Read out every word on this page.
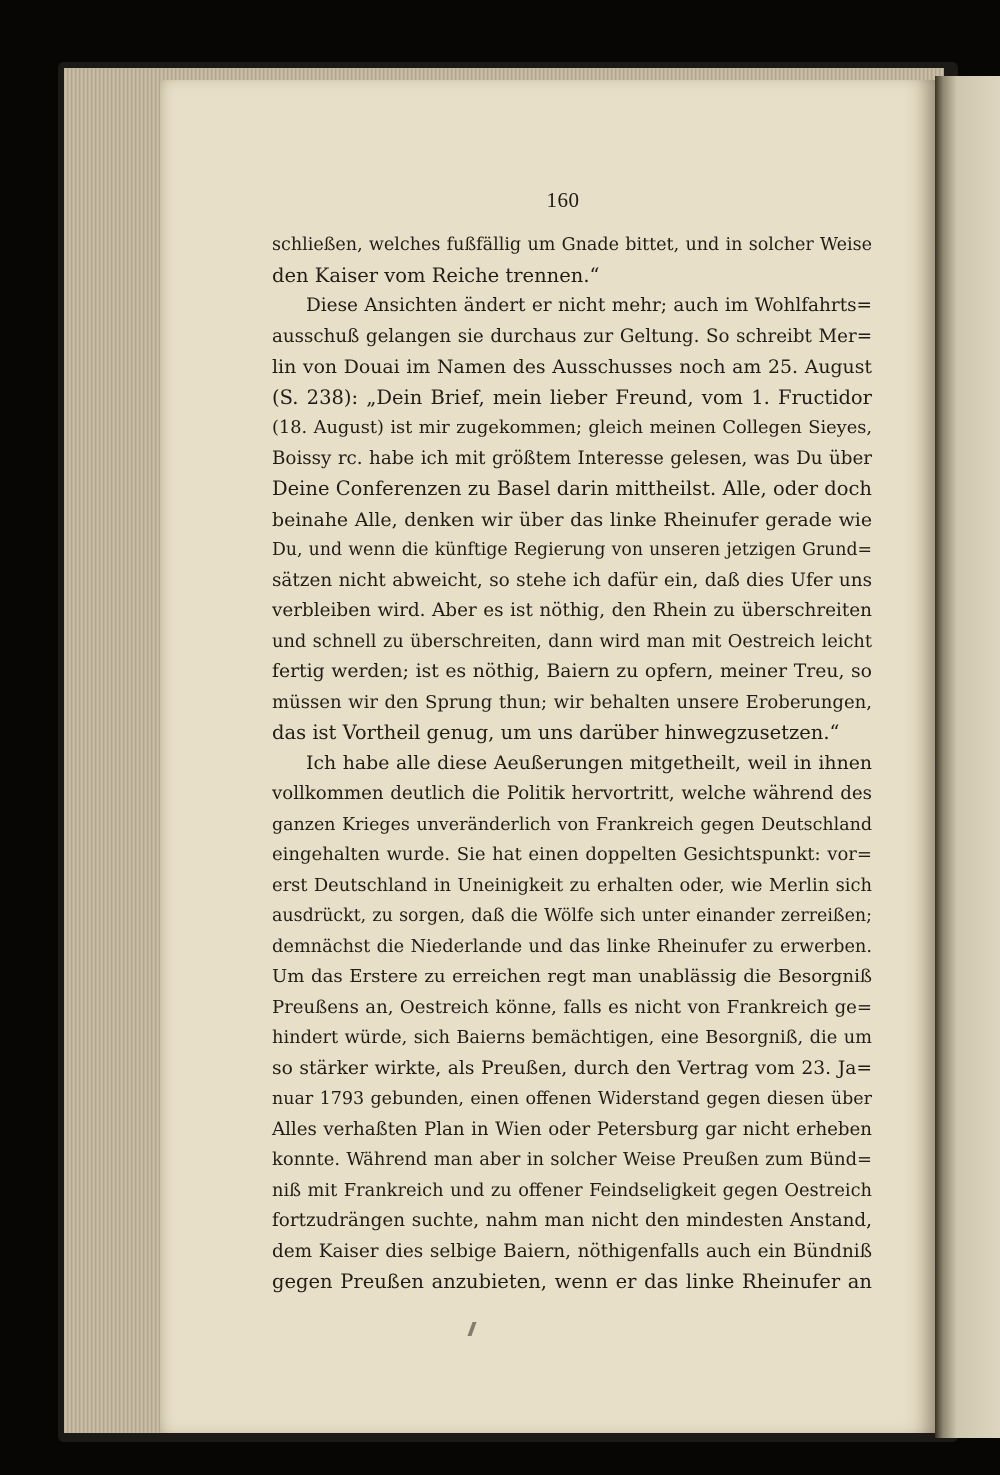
160
schließen, welches fußfällig um Gnade bittet, und in solcher Weise
den Kaiser vom Reiche trennen.“
Diese Ansichten ändert er nicht mehr; auch im Wohlfahrts=
ausschuß gelangen sie durchaus zur Geltung. So schreibt Mer=
lin von Douai im Namen des Ausschusses noch am 25. August
(S. 238): „Dein Brief, mein lieber Freund, vom 1. Fructidor
(18. August) ist mir zugekommen; gleich meinen Collegen Sieyes,
Boissy rc. habe ich mit größtem Interesse gelesen, was Du über
Deine Conferenzen zu Basel darin mittheilst. Alle, oder doch
beinahe Alle, denken wir über das linke Rheinufer gerade wie
Du, und wenn die künftige Regierung von unseren jetzigen Grund=
sätzen nicht abweicht, so stehe ich dafür ein, daß dies Ufer uns
verbleiben wird. Aber es ist nöthig, den Rhein zu überschreiten
und schnell zu überschreiten, dann wird man mit Oestreich leicht
fertig werden; ist es nöthig, Baiern zu opfern, meiner Treu, so
müssen wir den Sprung thun; wir behalten unsere Eroberungen,
das ist Vortheil genug, um uns darüber hinwegzusetzen.“
Ich habe alle diese Aeußerungen mitgetheilt, weil in ihnen
vollkommen deutlich die Politik hervortritt, welche während des
ganzen Krieges unveränderlich von Frankreich gegen Deutschland
eingehalten wurde. Sie hat einen doppelten Gesichtspunkt: vor=
erst Deutschland in Uneinigkeit zu erhalten oder, wie Merlin sich
ausdrückt, zu sorgen, daß die Wölfe sich unter einander zerreißen;
demnächst die Niederlande und das linke Rheinufer zu erwerben.
Um das Erstere zu erreichen regt man unablässig die Besorgniß
Preußens an, Oestreich könne, falls es nicht von Frankreich ge=
hindert würde, sich Baierns bemächtigen, eine Besorgniß, die um
so stärker wirkte, als Preußen, durch den Vertrag vom 23. Ja=
nuar 1793 gebunden, einen offenen Widerstand gegen diesen über
Alles verhaßten Plan in Wien oder Petersburg gar nicht erheben
konnte. Während man aber in solcher Weise Preußen zum Bünd=
niß mit Frankreich und zu offener Feindseligkeit gegen Oestreich
fortzudrängen suchte, nahm man nicht den mindesten Anstand,
dem Kaiser dies selbige Baiern, nöthigenfalls auch ein Bündniß
gegen Preußen anzubieten, wenn er das linke Rheinufer an
